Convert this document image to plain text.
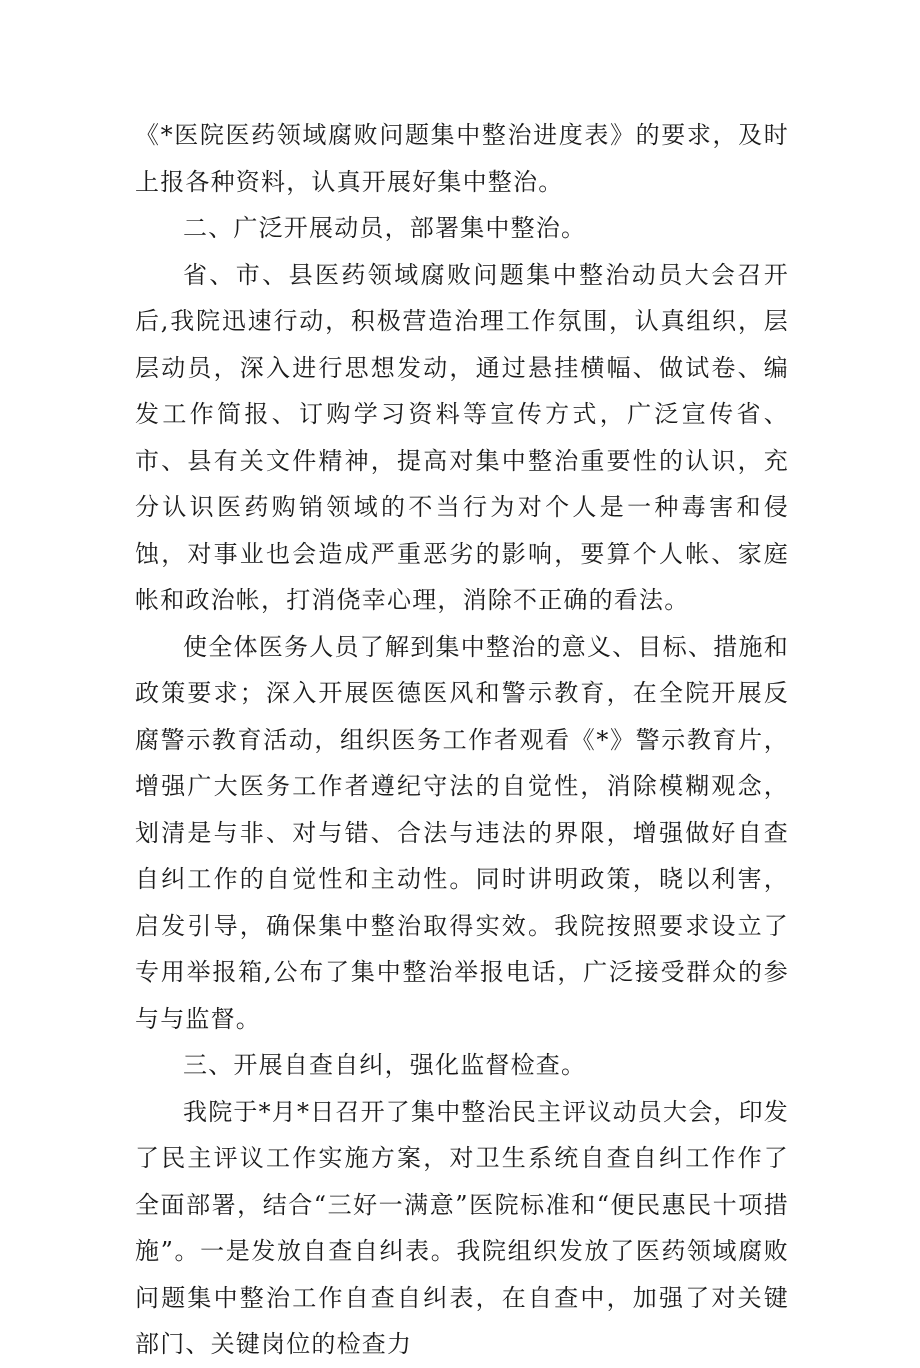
《*医院医药领域腐败问题集中整治进度表》的要求，及时上报各种资料，认真开展好集中整治。

二、广泛开展动员，部署集中整治。

省、市、县医药领域腐败问题集中整治动员大会召开后,我院迅速行动，积极营造治理工作氛围，认真组织，层层动员，深入进行思想发动，通过悬挂横幅、做试卷、编发工作简报、订购学习资料等宣传方式，广泛宣传省、市、县有关文件精神，提高对集中整治重要性的认识，充分认识医药购销领域的不当行为对个人是一种毒害和侵蚀，对事业也会造成严重恶劣的影响，要算个人帐、家庭帐和政治帐，打消侥幸心理，消除不正确的看法。

使全体医务人员了解到集中整治的意义、目标、措施和政策要求；深入开展医德医风和警示教育，在全院开展反腐警示教育活动，组织医务工作者观看《*》警示教育片，增强广大医务工作者遵纪守法的自觉性，消除模糊观念，划清是与非、对与错、合法与违法的界限，增强做好自查自纠工作的自觉性和主动性。同时讲明政策，晓以利害，启发引导，确保集中整治取得实效。我院按照要求设立了专用举报箱,公布了集中整治举报电话，广泛接受群众的参与与监督。

三、开展自查自纠，强化监督检查。

我院于*月*日召开了集中整治民主评议动员大会，印发了民主评议工作实施方案，对卫生系统自查自纠工作作了全面部署，结合“三好一满意”医院标准和“便民惠民十项措施”。一是发放自查自纠表。我院组织发放了医药领域腐败问题集中整治工作自查自纠表，在自查中，加强了对关键部门、关键岗位的检查力
